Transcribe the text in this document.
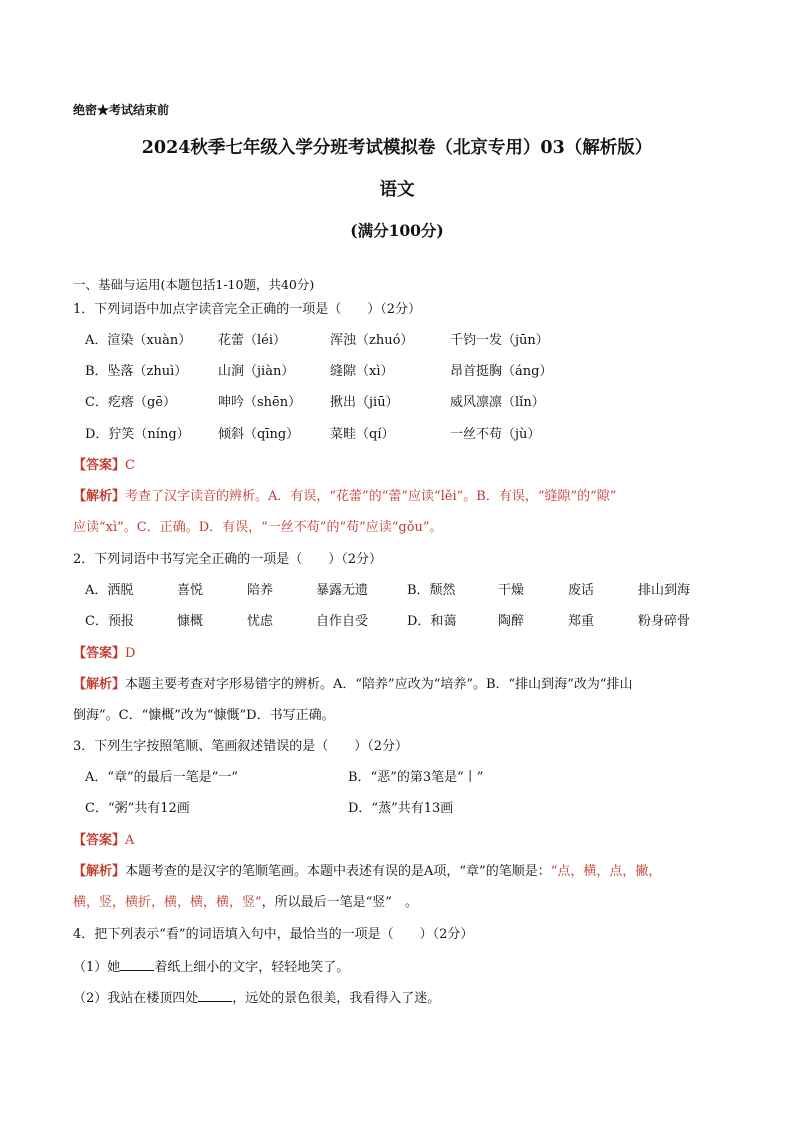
绝密★考试结束前
2024秋季七年级入学分班考试模拟卷（北京专用）03（解析版）
语文
(满分100分)
一、基础与运用(本题包括1-10题，共40分)
1．下列词语中加点字读音完全正确的一项是（　　）（2分）
A．渲染（xuàn） 花蕾（léi）	浑浊（zhuó）	千钧一发（jūn）
B．坠落（zhuì） 山涧（jiàn）	缝隙（xì）	昂首挺胸（áng）
C．疙瘩（gē）	呻吟（shēn） 揪出（jiū）	威风凛凛（lǐn）
D．狞笑（níng） 倾斜（qīng） 菜畦（qí）	一丝不苟（jù）
【答案】C
【解析】考查了汉字读音的辨析。A．有误，“花蕾”的“蕾”应读“lěi”。B．有误，“缝隙”的“隙”
应读“xì”。C．正确。D．有误，“一丝不苟”的“苟”应读“gǒu”。
2．下列词语中书写完全正确的一项是（　　）（2分）
A．洒脱	喜悦	陪养	暴露无遗	B．颓然	干燥	废话	排山到海
C．预报	慷概	忧虑	自作自受	D．和蔼	陶醉	郑重	粉身碎骨
【答案】D
【解析】本题主要考查对字形易错字的辨析。A．“陪养”应改为“培养”。B．“排山到海”改为“排山
倒海”。C．“慷概”改为“慷慨”D．书写正确。
3．下列生字按照笔顺、笔画叙述错误的是（　　）（2分）
A．“章”的最后一笔是“一”	B．“恶”的第3笔是“丨”
C．“粥”共有12画	D．“蒸”共有13画
【答案】A
【解析】本题考查的是汉字的笔顺笔画。本题中表述有误的是A项，“章”的笔顺是：“点，横，点，撇，
横，竖，横折，横，横，横，竖”，所以最后一笔是“竖”　。
4．把下列表示“看”的词语填入句中，最恰当的一项是（　　）（2分）
（1）她	着纸上细小的文字，轻轻地笑了。
（2）我站在楼顶四处	，远处的景色很美，我看得入了迷。
